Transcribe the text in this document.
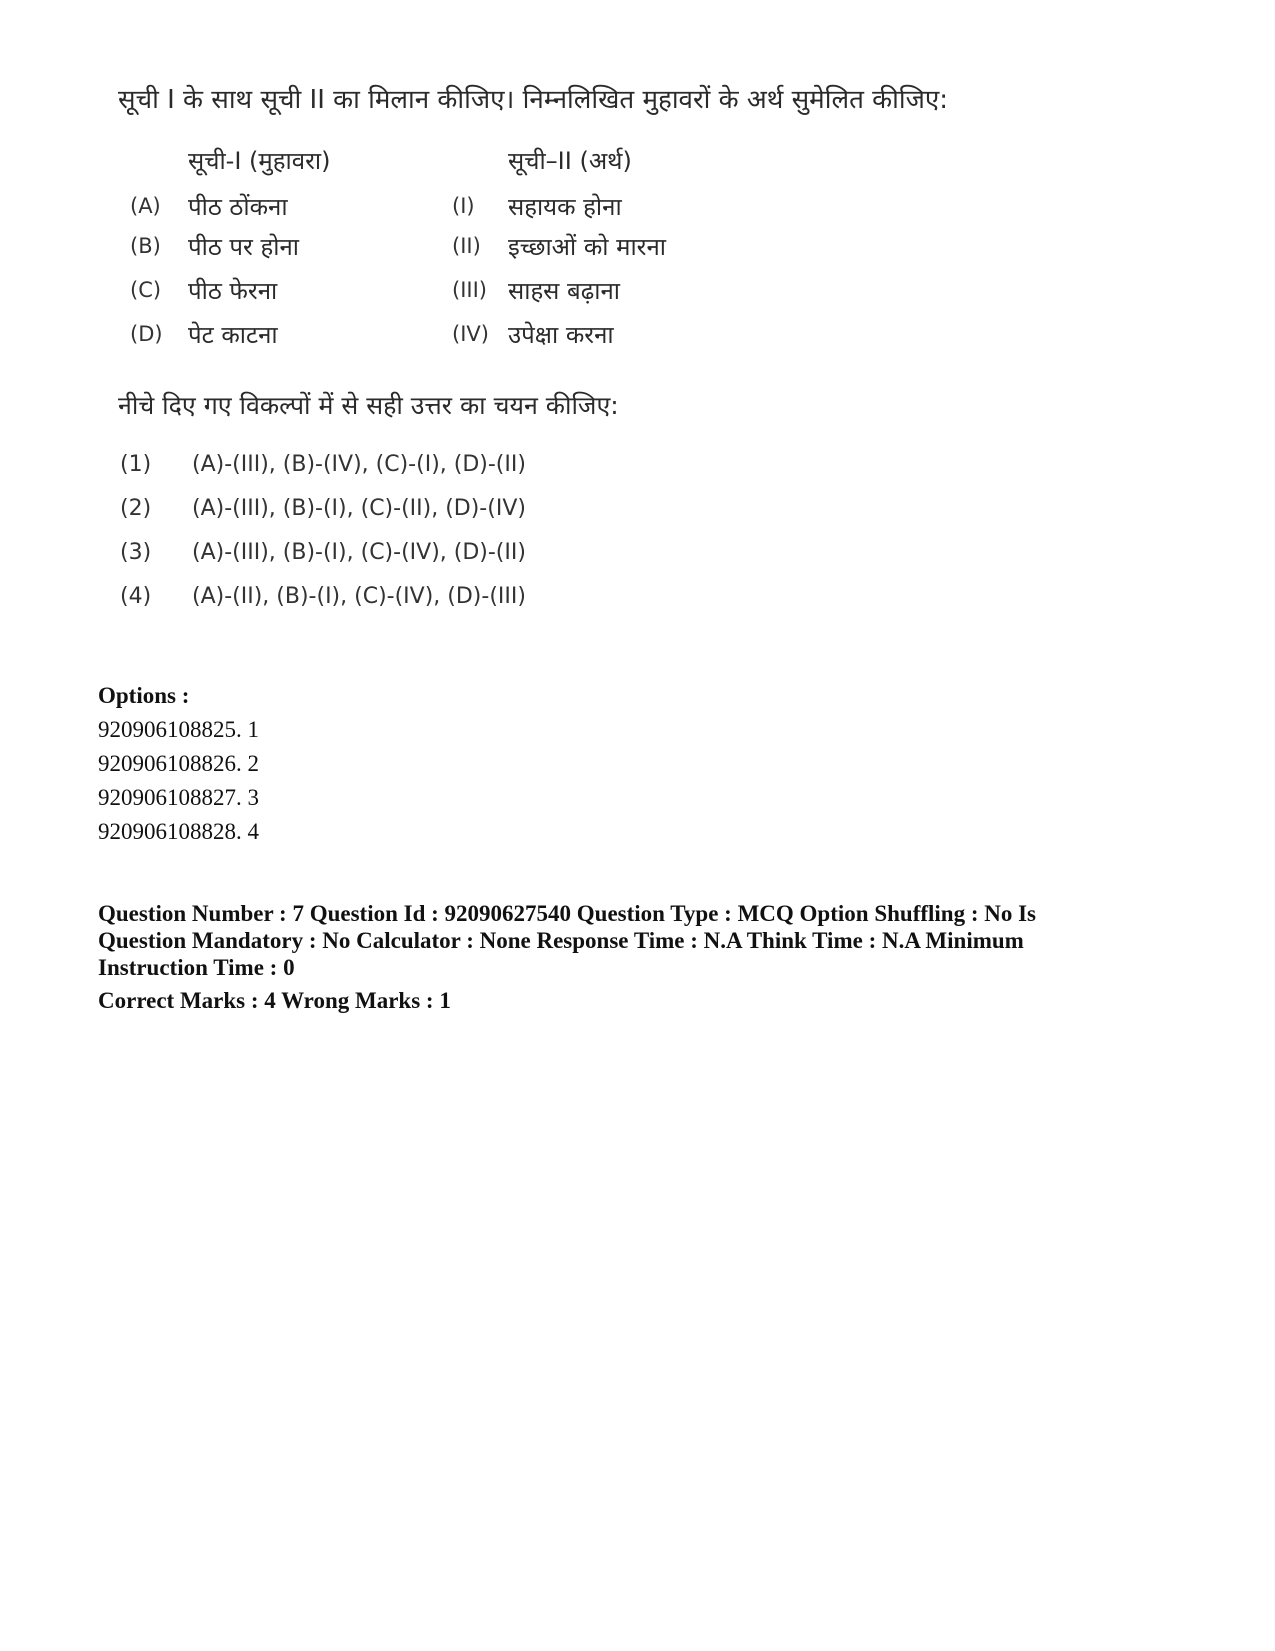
सूची I के साथ सूची II का मिलान कीजिए। निम्नलिखित मुहावरों के अर्थ सुमेलित कीजिए:
सूची-I (मुहावरा)	सूची–II (अर्थ)
(A) पीठ ठोंकना	(I) सहायक होना
(B) पीठ पर होना	(II) इच्छाओं को मारना
(C) पीठ फेरना	(III) साहस बढ़ाना
(D) पेट काटना	(IV) उपेक्षा करना
नीचे दिए गए विकल्पों में से सही उत्तर का चयन कीजिए:
(1) (A)-(III), (B)-(IV), (C)-(I), (D)-(II)
(2) (A)-(III), (B)-(I), (C)-(II), (D)-(IV)
(3) (A)-(III), (B)-(I), (C)-(IV), (D)-(II)
(4) (A)-(II), (B)-(I), (C)-(IV), (D)-(III)
Options :
920906108825. 1
920906108826. 2
920906108827. 3
920906108828. 4
Question Number : 7 Question Id : 92090627540 Question Type : MCQ Option Shuffling : No Is Question Mandatory : No Calculator : None Response Time : N.A Think Time : N.A Minimum Instruction Time : 0
Correct Marks : 4 Wrong Marks : 1
